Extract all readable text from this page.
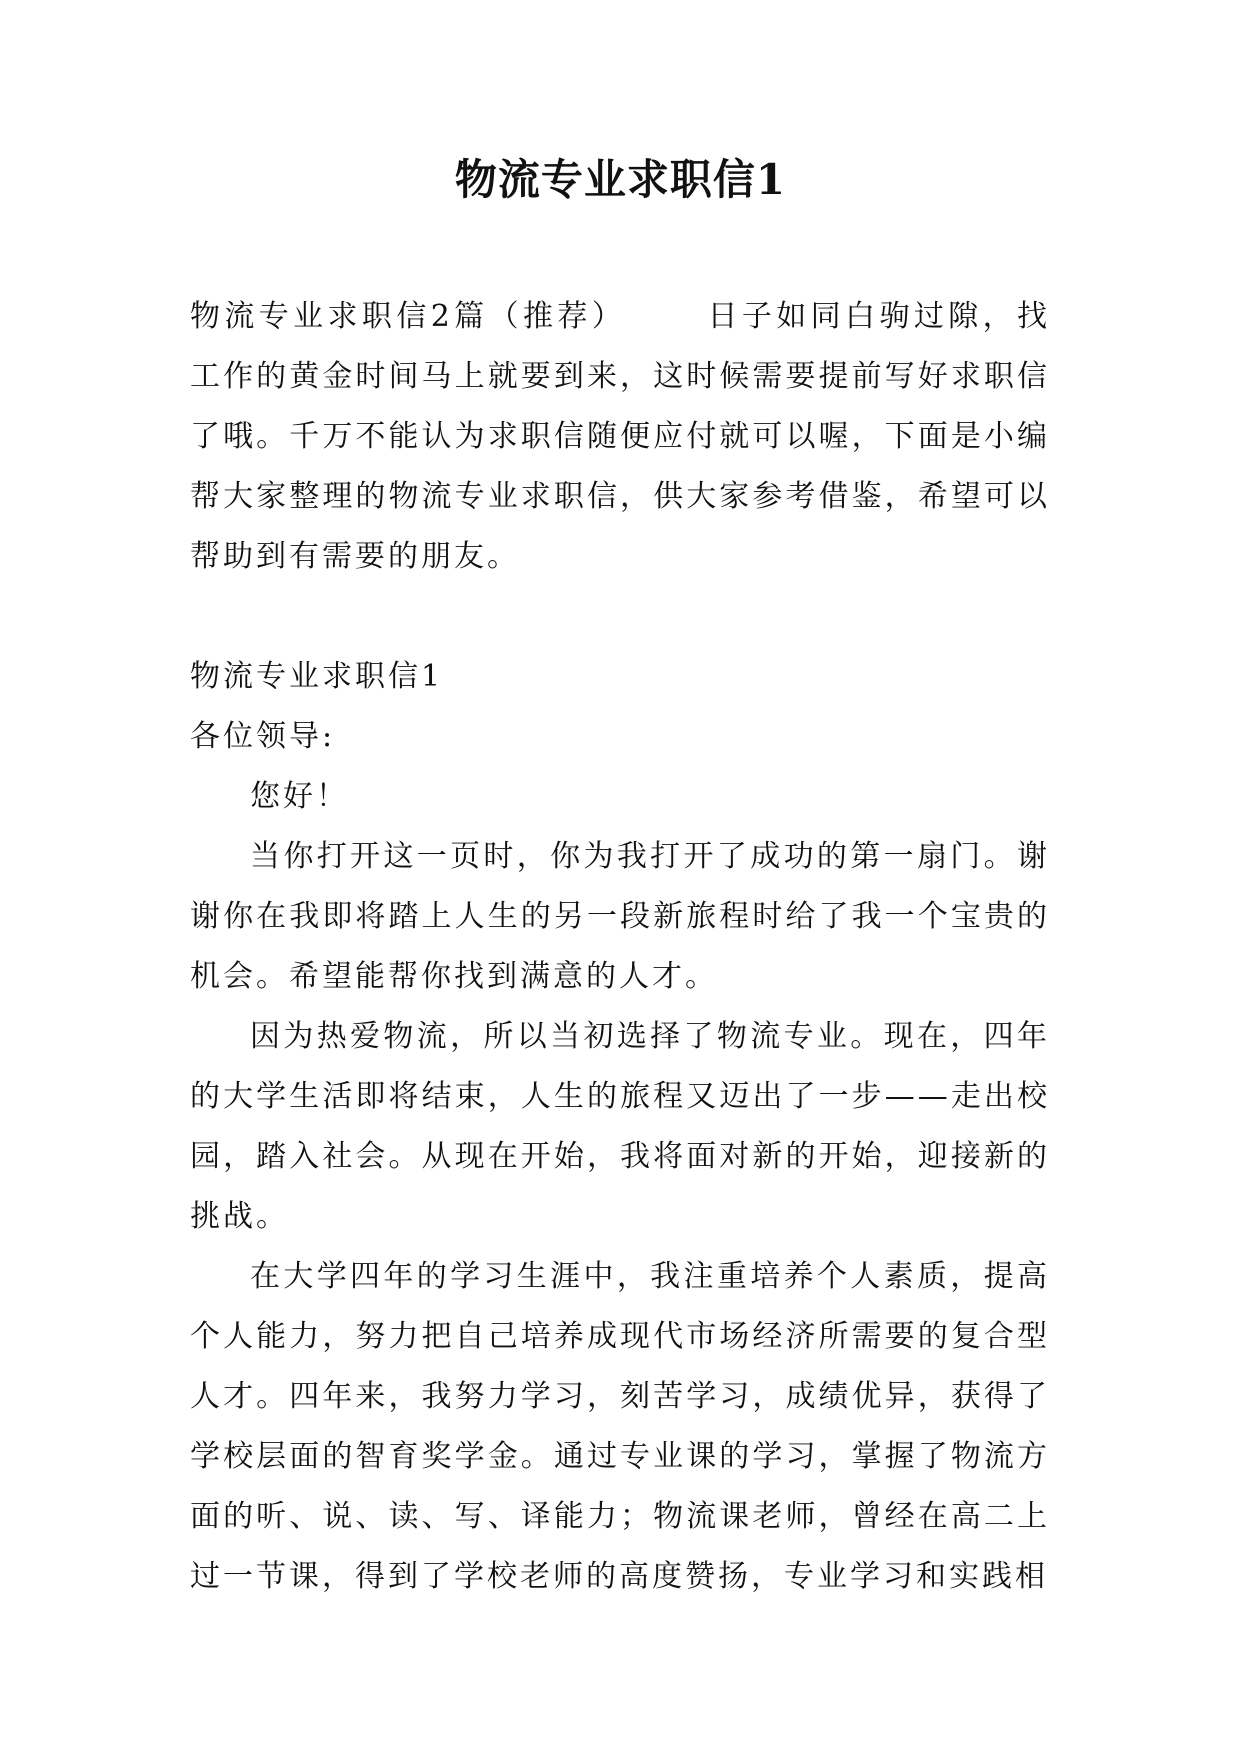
物流专业求职信1

物流专业求职信2篇（推荐）	日子如同白驹过隙，找工作的黄金时间马上就要到来，这时候需要提前写好求职信了哦。千万不能认为求职信随便应付就可以喔，下面是小编帮大家整理的物流专业求职信，供大家参考借鉴，希望可以帮助到有需要的朋友。

物流专业求职信1

各位领导:

您好！

当你打开这一页时，你为我打开了成功的第一扇门。谢谢你在我即将踏上人生的另一段新旅程时给了我一个宝贵的机会。希望能帮你找到满意的人才。

因为热爱物流，所以当初选择了物流专业。现在，四年的大学生活即将结束，人生的旅程又迈出了一步——走出校园，踏入社会。从现在开始，我将面对新的开始，迎接新的挑战。

在大学四年的学习生涯中，我注重培养个人素质，提高个人能力，努力把自己培养成现代市场经济所需要的复合型人才。四年来，我努力学习，刻苦学习，成绩优异，获得了学校层面的智育奖学金。通过专业课的学习，掌握了物流方面的听、说、读、写、译能力；物流课老师，曾经在高二上过一节课，得到了学校老师的高度赞扬，专业学习和实践相
